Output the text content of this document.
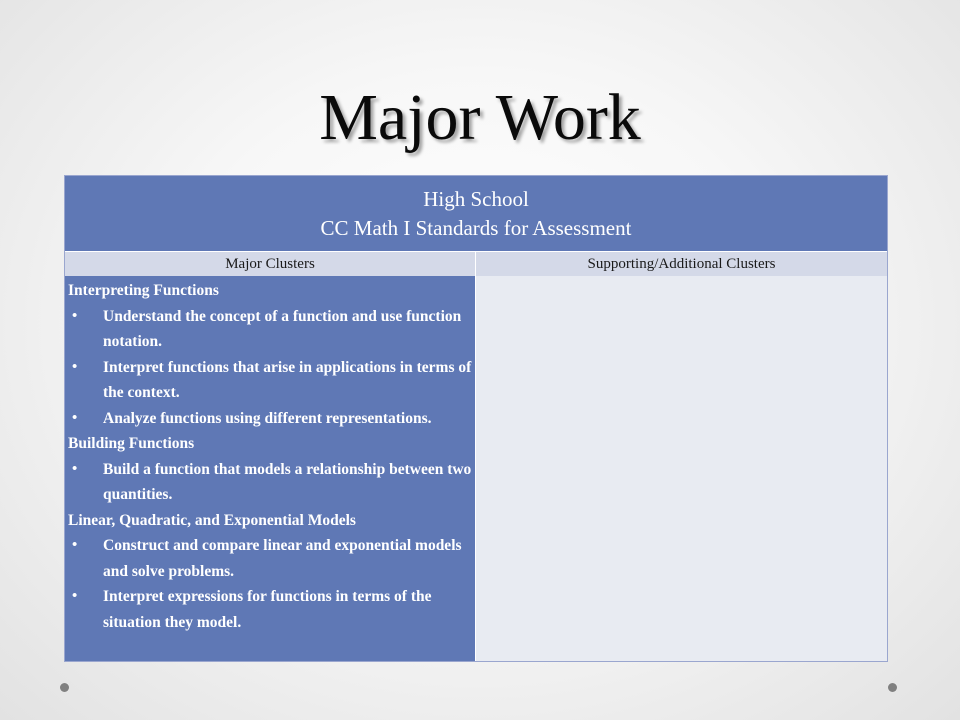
Major Work
High School
CC Math I Standards for Assessment
Major Clusters	Supporting/Additional Clusters
Interpreting Functions
• Understand the concept of a function and use function notation.
• Interpret functions that arise in applications in terms of the context.
• Analyze functions using different representations.
Building Functions
• Build a function that models a relationship between two quantities.
Linear, Quadratic, and Exponential Models
• Construct and compare linear and exponential models and solve problems.
• Interpret expressions for functions in terms of the situation they model.
